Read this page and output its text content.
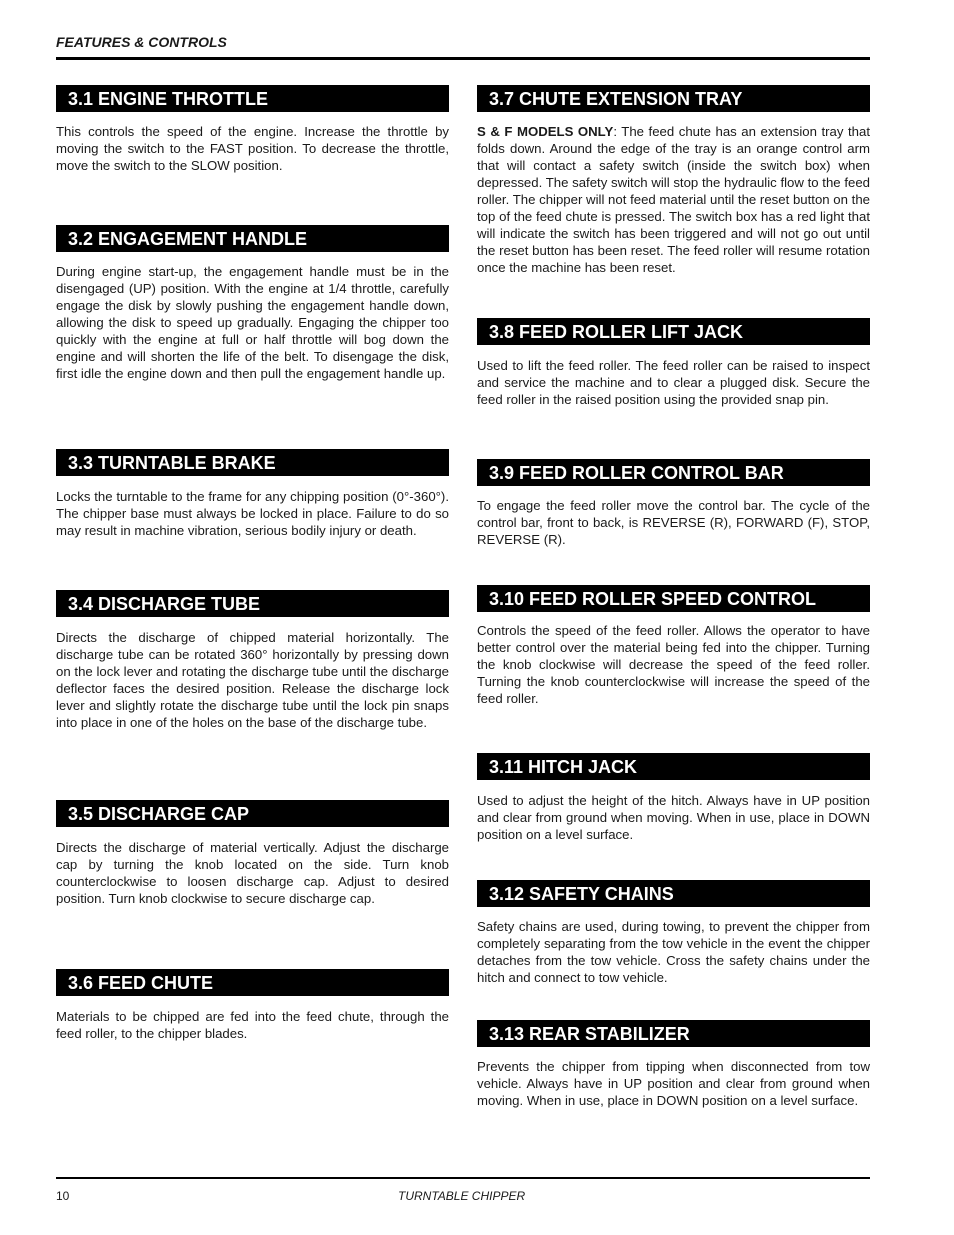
FEATURES & CONTROLS
3.1 ENGINE THROTTLE
This controls the speed of the engine. Increase the throttle by moving the switch to the FAST position. To decrease the throttle, move the switch to the SLOW position.
3.2 ENGAGEMENT HANDLE
During engine start-up, the engagement handle must be in the disengaged (UP) position. With the engine at 1/4 throttle, carefully engage the disk by slowly pushing the engagement handle down, allowing the disk to speed up gradually. Engaging the chipper too quickly with the engine at full or half throttle will bog down the engine and will shorten the life of the belt. To disengage the disk, first idle the engine down and then pull the engagement handle up.
3.3 TURNTABLE BRAKE
Locks the turntable to the frame for any chipping position (0°-360°). The chipper base must always be locked in place. Failure to do so may result in machine vibration, serious bodily injury or death.
3.4 DISCHARGE TUBE
Directs the discharge of chipped material horizontally. The discharge tube can be rotated 360° horizontally by pressing down on the lock lever and rotating the discharge tube until the discharge deflector faces the desired position. Release the discharge lock lever and slightly rotate the discharge tube until the lock pin snaps into place in one of the holes on the base of the discharge tube.
3.5 DISCHARGE CAP
Directs the discharge of material vertically. Adjust the discharge cap by turning the knob located on the side. Turn knob counterclockwise to loosen discharge cap. Adjust to desired position. Turn knob clockwise to secure discharge cap.
3.6 FEED CHUTE
Materials to be chipped are fed into the feed chute, through the feed roller, to the chipper blades.
3.7 CHUTE EXTENSION TRAY
S & F MODELS ONLY: The feed chute has an extension tray that folds down. Around the edge of the tray is an orange control arm that will contact a safety switch (inside the switch box) when depressed. The safety switch will stop the hydraulic flow to the feed roller. The chipper will not feed material until the reset button on the top of the feed chute is pressed. The switch box has a red light that will indicate the switch has been triggered and will not go out until the reset button has been reset. The feed roller will resume rotation once the machine has been reset.
3.8 FEED ROLLER LIFT JACK
Used to lift the feed roller. The feed roller can be raised to inspect and service the machine and to clear a plugged disk. Secure the feed roller in the raised position using the provided snap pin.
3.9 FEED ROLLER CONTROL BAR
To engage the feed roller move the control bar. The cycle of the control bar, front to back, is REVERSE (R), FORWARD (F), STOP, REVERSE (R).
3.10 FEED ROLLER SPEED CONTROL
Controls the speed of the feed roller. Allows the operator to have better control over the material being fed into the chipper. Turning the knob clockwise will decrease the speed of the feed roller. Turning the knob counterclockwise will increase the speed of the feed roller.
3.11 HITCH JACK
Used to adjust the height of the hitch. Always have in UP position and clear from ground when moving. When in use, place in DOWN position on a level surface.
3.12 SAFETY CHAINS
Safety chains are used, during towing, to prevent the chipper from completely separating from the tow vehicle in the event the chipper detaches from the tow vehicle. Cross the safety chains under the hitch and connect to tow vehicle.
3.13 REAR STABILIZER
Prevents the chipper from tipping when disconnected from tow vehicle. Always have in UP position and clear from ground when moving. When in use, place in DOWN position on a level surface.
10	TURNTABLE CHIPPER
